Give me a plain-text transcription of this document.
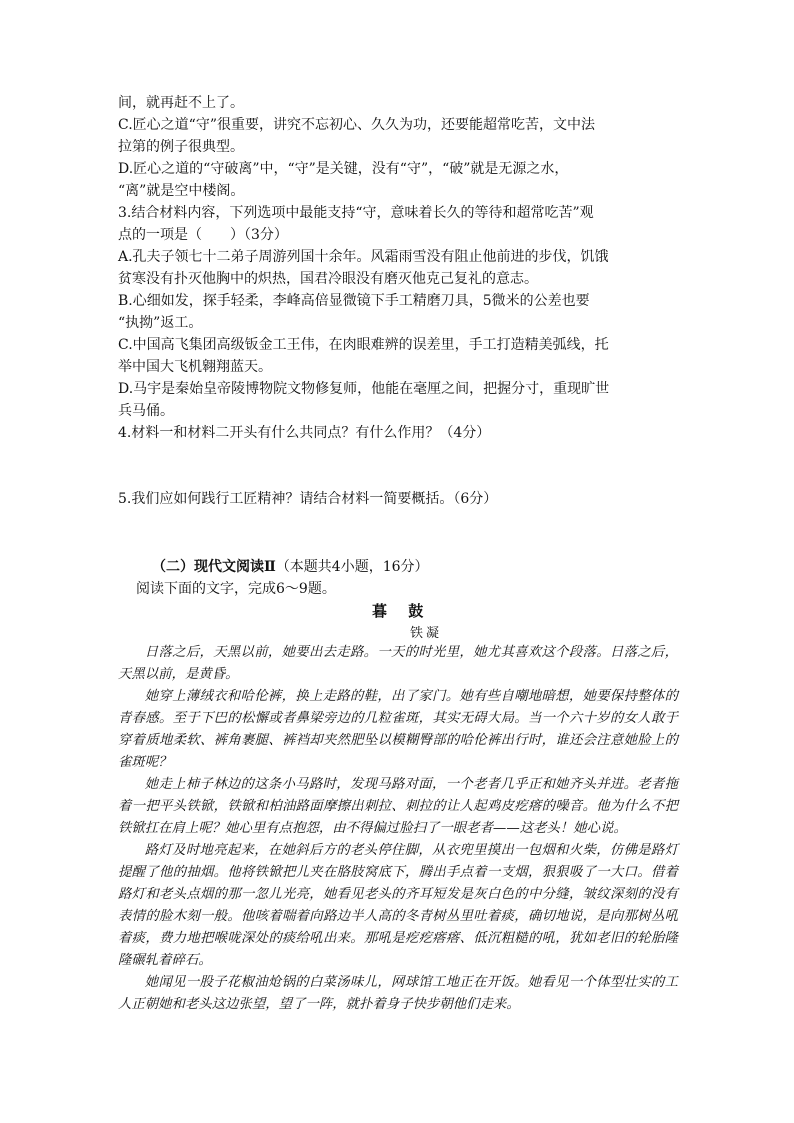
间，就再赶不上了。

C.匠心之道“守”很重要，讲究不忘初心、久久为功，还要能超常吃苦，文中法

拉第的例子很典型。

D.匠心之道的“守破离”中，“守”是关键，没有“守”，“破”就是无源之水，

“离”就是空中楼阁。

3.结合材料内容，下列选项中最能支持“守，意味着长久的等待和超常吃苦”观

点的一项是（　　）（3分）

A.孔夫子领七十二弟子周游列国十余年。风霜雨雪没有阻止他前进的步伐，饥饿

贫寒没有扑灭他胸中的炽热，国君冷眼没有磨灭他克己复礼的意志。

B.心细如发，探手轻柔，李峰高倍显微镜下手工精磨刀具，5微米的公差也要

“执拗”返工。

C.中国高飞集团高级钣金工王伟，在肉眼难辨的误差里，手工打造精美弧线，托

举中国大飞机翱翔蓝天。

D.马宇是秦始皇帝陵博物院文物修复师，他能在毫厘之间，把握分寸，重现旷世

兵马俑。

4.材料一和材料二开头有什么共同点？有什么作用？（4分）

5.我们应如何践行工匠精神？请结合材料一简要概括。（6分）

（二）现代文阅读Ⅱ（本题共4小题，16分）
阅读下面的文字，完成6～9题。
暮 鼓
铁凝

日落之后，天黑以前，她要出去走路。一天的时光里，她尤其喜欢这个段落。日落之后，天黑以前，是黄昏。

她穿上薄绒衣和哈伦裤，换上走路的鞋，出了家门。她有些自嘲地暗想，她要保持整体的青春感。至于下巴的松懈或者鼻梁旁边的几粒雀斑，其实无碍大局。当一个六十岁的女人敢于穿着质地柔软、裤角裹腿、裤裆却夹然肥坠以模糊臀部的哈伦裤出行时，谁还会注意她脸上的雀斑呢？

她走上柿子林边的这条小马路时，发现马路对面，一个老者几乎正和她齐头并进。老者拖着一把平头铁锨，铁锨和柏油路面摩擦出刺拉、刺拉的让人起鸡皮疙瘩的噪音。他为什么不把铁锨扛在肩上呢？她心里有点抱怨，由不得偏过脸扫了一眼老者——这老头！她心说。

路灯及时地亮起来，在她斜后方的老头停住脚，从衣兜里摸出一包烟和火柴，仿佛是路灯提醒了他的抽烟。他将铁锨把儿夹在胳肢窝底下，腾出手点着一支烟，狠狠吸了一大口。借着路灯和老头点烟的那一忽儿光亮，她看见老头的齐耳短发是灰白色的中分缝，皱纹深刻的没有表情的脸木刻一般。他咳着喘着向路边半人高的冬青树丛里吐着痰，确切地说，是向那树丛吼着痰，费力地把喉咙深处的痰给吼出来。那吼是疙疙瘩瘩、低沉粗糙的吼，犹如老旧的轮胎隆隆碾轧着碎石。

她闻见一股子花椒油炝锅的白菜汤味儿，网球馆工地正在开饭。她看见一个体型壮实的工人正朝她和老头这边张望，望了一阵，就扑着身子快步朝他们走来。
